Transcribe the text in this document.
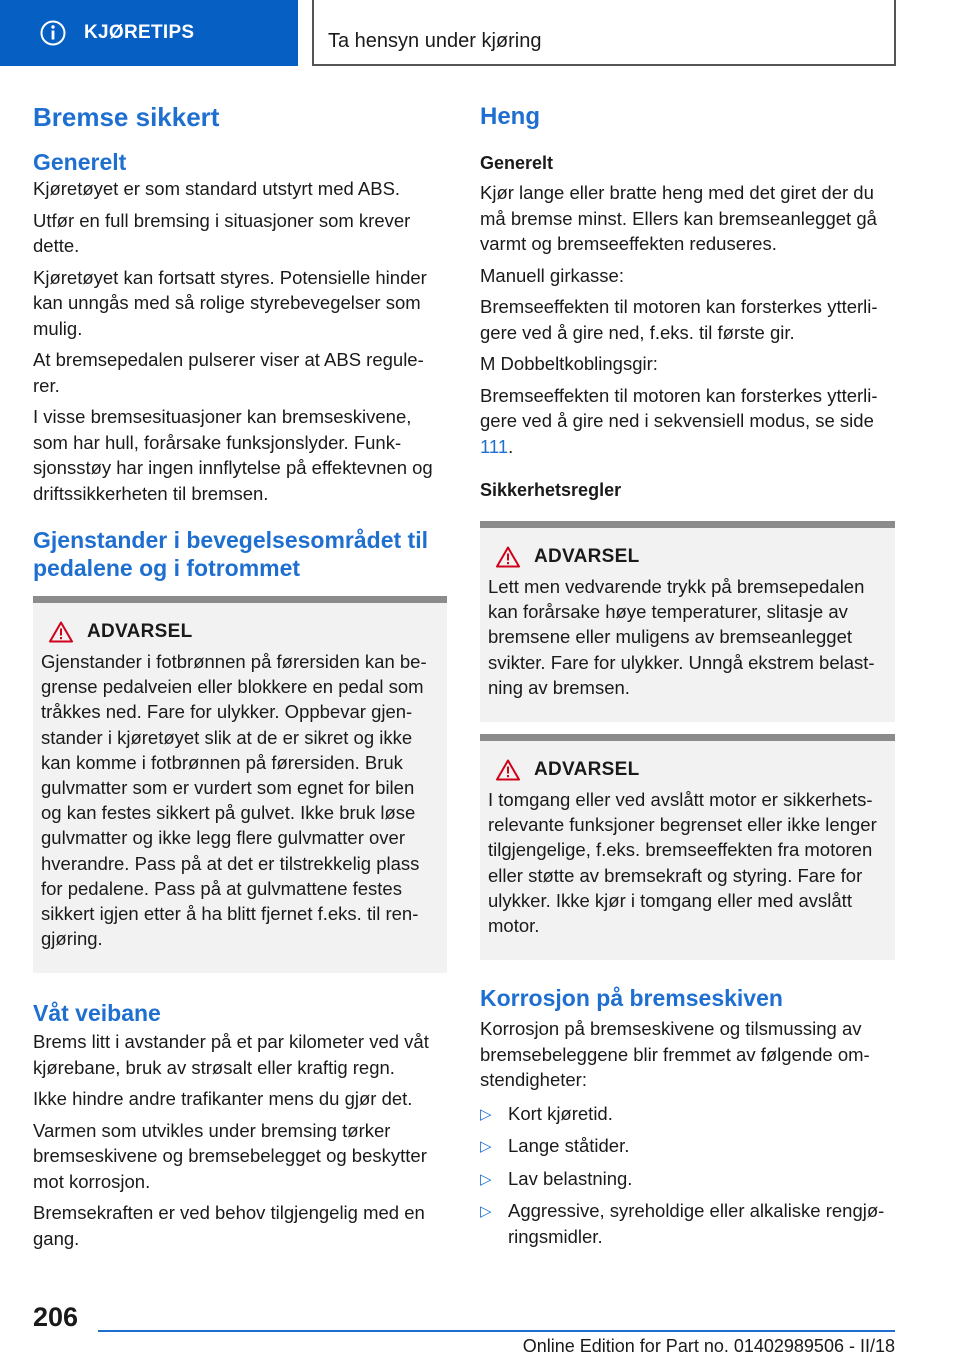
KJØRETIPS	Ta hensyn under kjøring
Bremse sikkert
Generelt

Kjøretøyet er som standard utstyrt med ABS.

Utfør en full bremsing i situasjoner som krever dette.

Kjøretøyet kan fortsatt styres. Potensielle hinder kan unngås med så rolige styrebevegelser som mulig.

At bremsepedalen pulserer viser at ABS regule‐rer.

I visse bremsesituasjoner kan bremseskivene, som har hull, forårsake funksjonslyder. Funk‐sjonsstøy har ingen innflytelse på effektevnen og driftssikkerheten til bremsen.

Gjenstander i bevegelsesområdet til pedalene og i fotrommet
ADVARSEL

Gjenstander i fotbrønnen på førersiden kan be‐grense pedalveien eller blokkere en pedal som tråkkes ned. Fare for ulykker. Oppbevar gjen‐stander i kjøretøyet slik at de er sikret og ikke kan komme i fotbrønnen på førersiden. Bruk gulvmatter som er vurdert som egnet for bilen og kan festes sikkert på gulvet. Ikke bruk løse gulvmatter og ikke legg flere gulvmatter over hverandre. Pass på at det er tilstrekkelig plass for pedalene. Pass på at gulvmattene festes sikkert igjen etter å ha blitt fjernet f.eks. til ren‐gjøring.

Våt veibane

Brems litt i avstander på et par kilometer ved våt kjørebane, bruk av strøsalt eller kraftig regn.

Ikke hindre andre trafikanter mens du gjør det.

Varmen som utvikles under bremsing tørker bremseskivene og bremsebelegget og beskytter mot korrosjon.

Bremsekraften er ved behov tilgjengelig med en gang.

Heng
Generelt

Kjør lange eller bratte heng med det giret der du må bremse minst. Ellers kan bremseanlegget gå varmt og bremseeffekten reduseres.

Manuell girkasse:

Bremseeffekten til motoren kan forsterkes ytterli‐gere ved å gire ned, f.eks. til første gir.

M Dobbeltkoblingsgir:

Bremseeffekten til motoren kan forsterkes ytterli‐gere ved å gire ned i sekvensiell modus, se side 111.

Sikkerhetsregler
ADVARSEL

Lett men vedvarende trykk på bremsepedalen kan forårsake høye temperaturer, slitasje av bremsene eller muligens av bremseanlegget svikter. Fare for ulykker. Unngå ekstrem belast‐ning av bremsen.

ADVARSEL

I tomgang eller ved avslått motor er sikkerhets‐relevante funksjoner begrenset eller ikke lenger tilgjengelige, f.eks. bremseeffekten fra motoren eller støtte av bremsekraft og styring. Fare for ulykker. Ikke kjør i tomgang eller med avslått motor.

Korrosjon på bremseskiven

Korrosjon på bremseskivene og tilsmussing av bremsebeleggene blir fremmet av følgende om‐stendigheter:

▷ Kort kjøretid.
▷ Lange ståtider.
▷ Lav belastning.
▷ Aggressive, syreholdige eller alkaliske rengjø‐ringsmidler.
206
Online Edition for Part no. 01402989506 - II/18
